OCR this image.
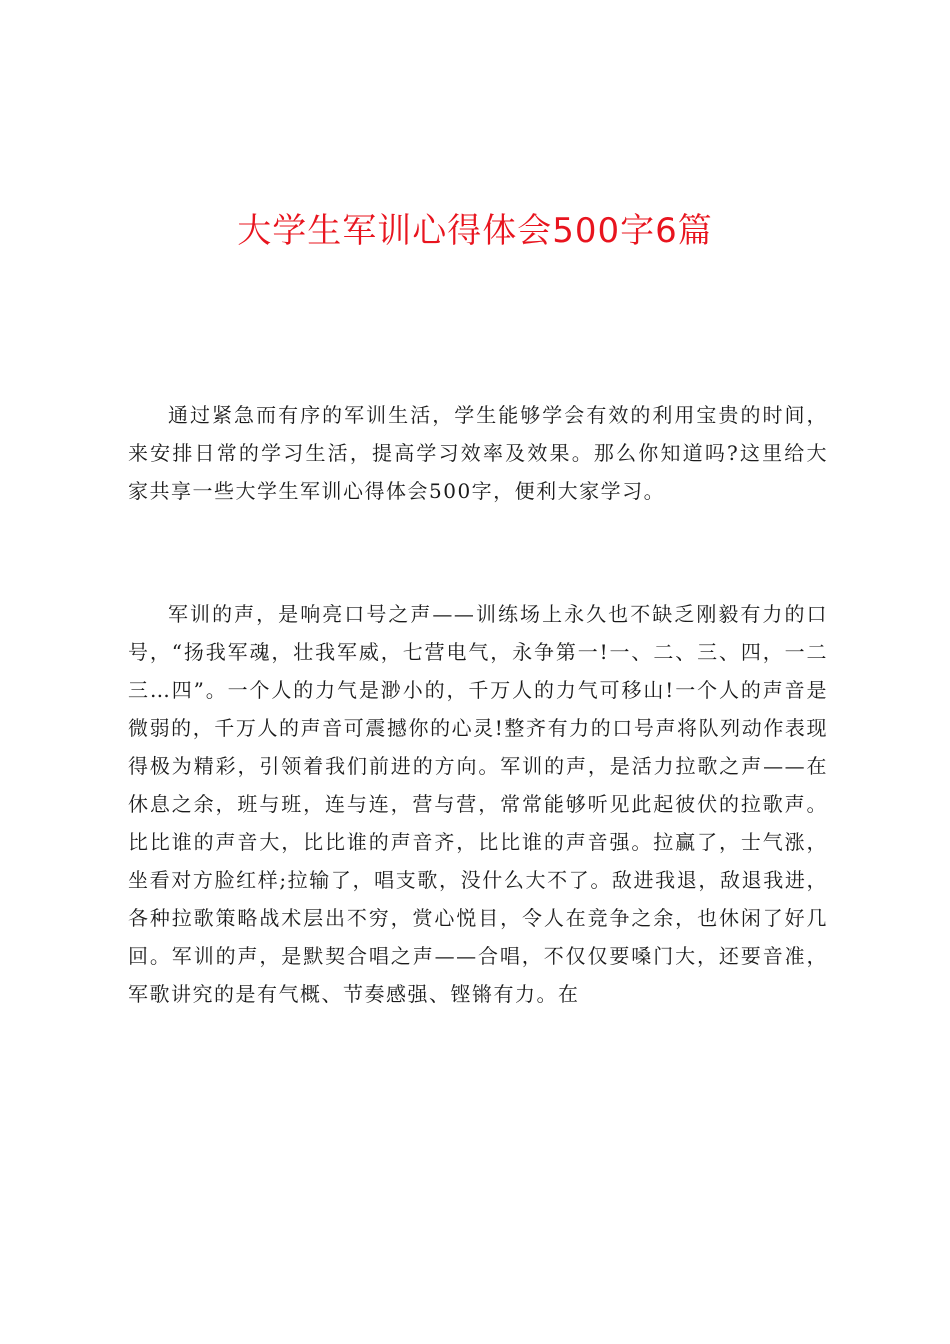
大学生军训心得体会500字6篇

通过紧急而有序的军训生活，学生能够学会有效的利用宝贵的时间，来安排日常的学习生活，提高学习效率及效果。那么你知道吗?这里给大家共享一些大学生军训心得体会500字，便利大家学习。

军训的声，是响亮口号之声——训练场上永久也不缺乏刚毅有力的口号，“扬我军魂，壮我军威，七营电气，永争第一!一、二、三、四，一二三…四”。一个人的力气是渺小的，千万人的力气可移山!一个人的声音是微弱的，千万人的声音可震撼你的心灵!整齐有力的口号声将队列动作表现得极为精彩，引领着我们前进的方向。军训的声，是活力拉歌之声——在休息之余，班与班，连与连，营与营，常常能够听见此起彼伏的拉歌声。比比谁的声音大，比比谁的声音齐，比比谁的声音强。拉赢了，士气涨，坐看对方脸红样;拉输了，唱支歌，没什么大不了。敌进我退，敌退我进，各种拉歌策略战术层出不穷，赏心悦目，令人在竞争之余，也休闲了好几回。军训的声，是默契合唱之声——合唱，不仅仅要嗓门大，还要音准，军歌讲究的是有气概、节奏感强、铿锵有力。在
